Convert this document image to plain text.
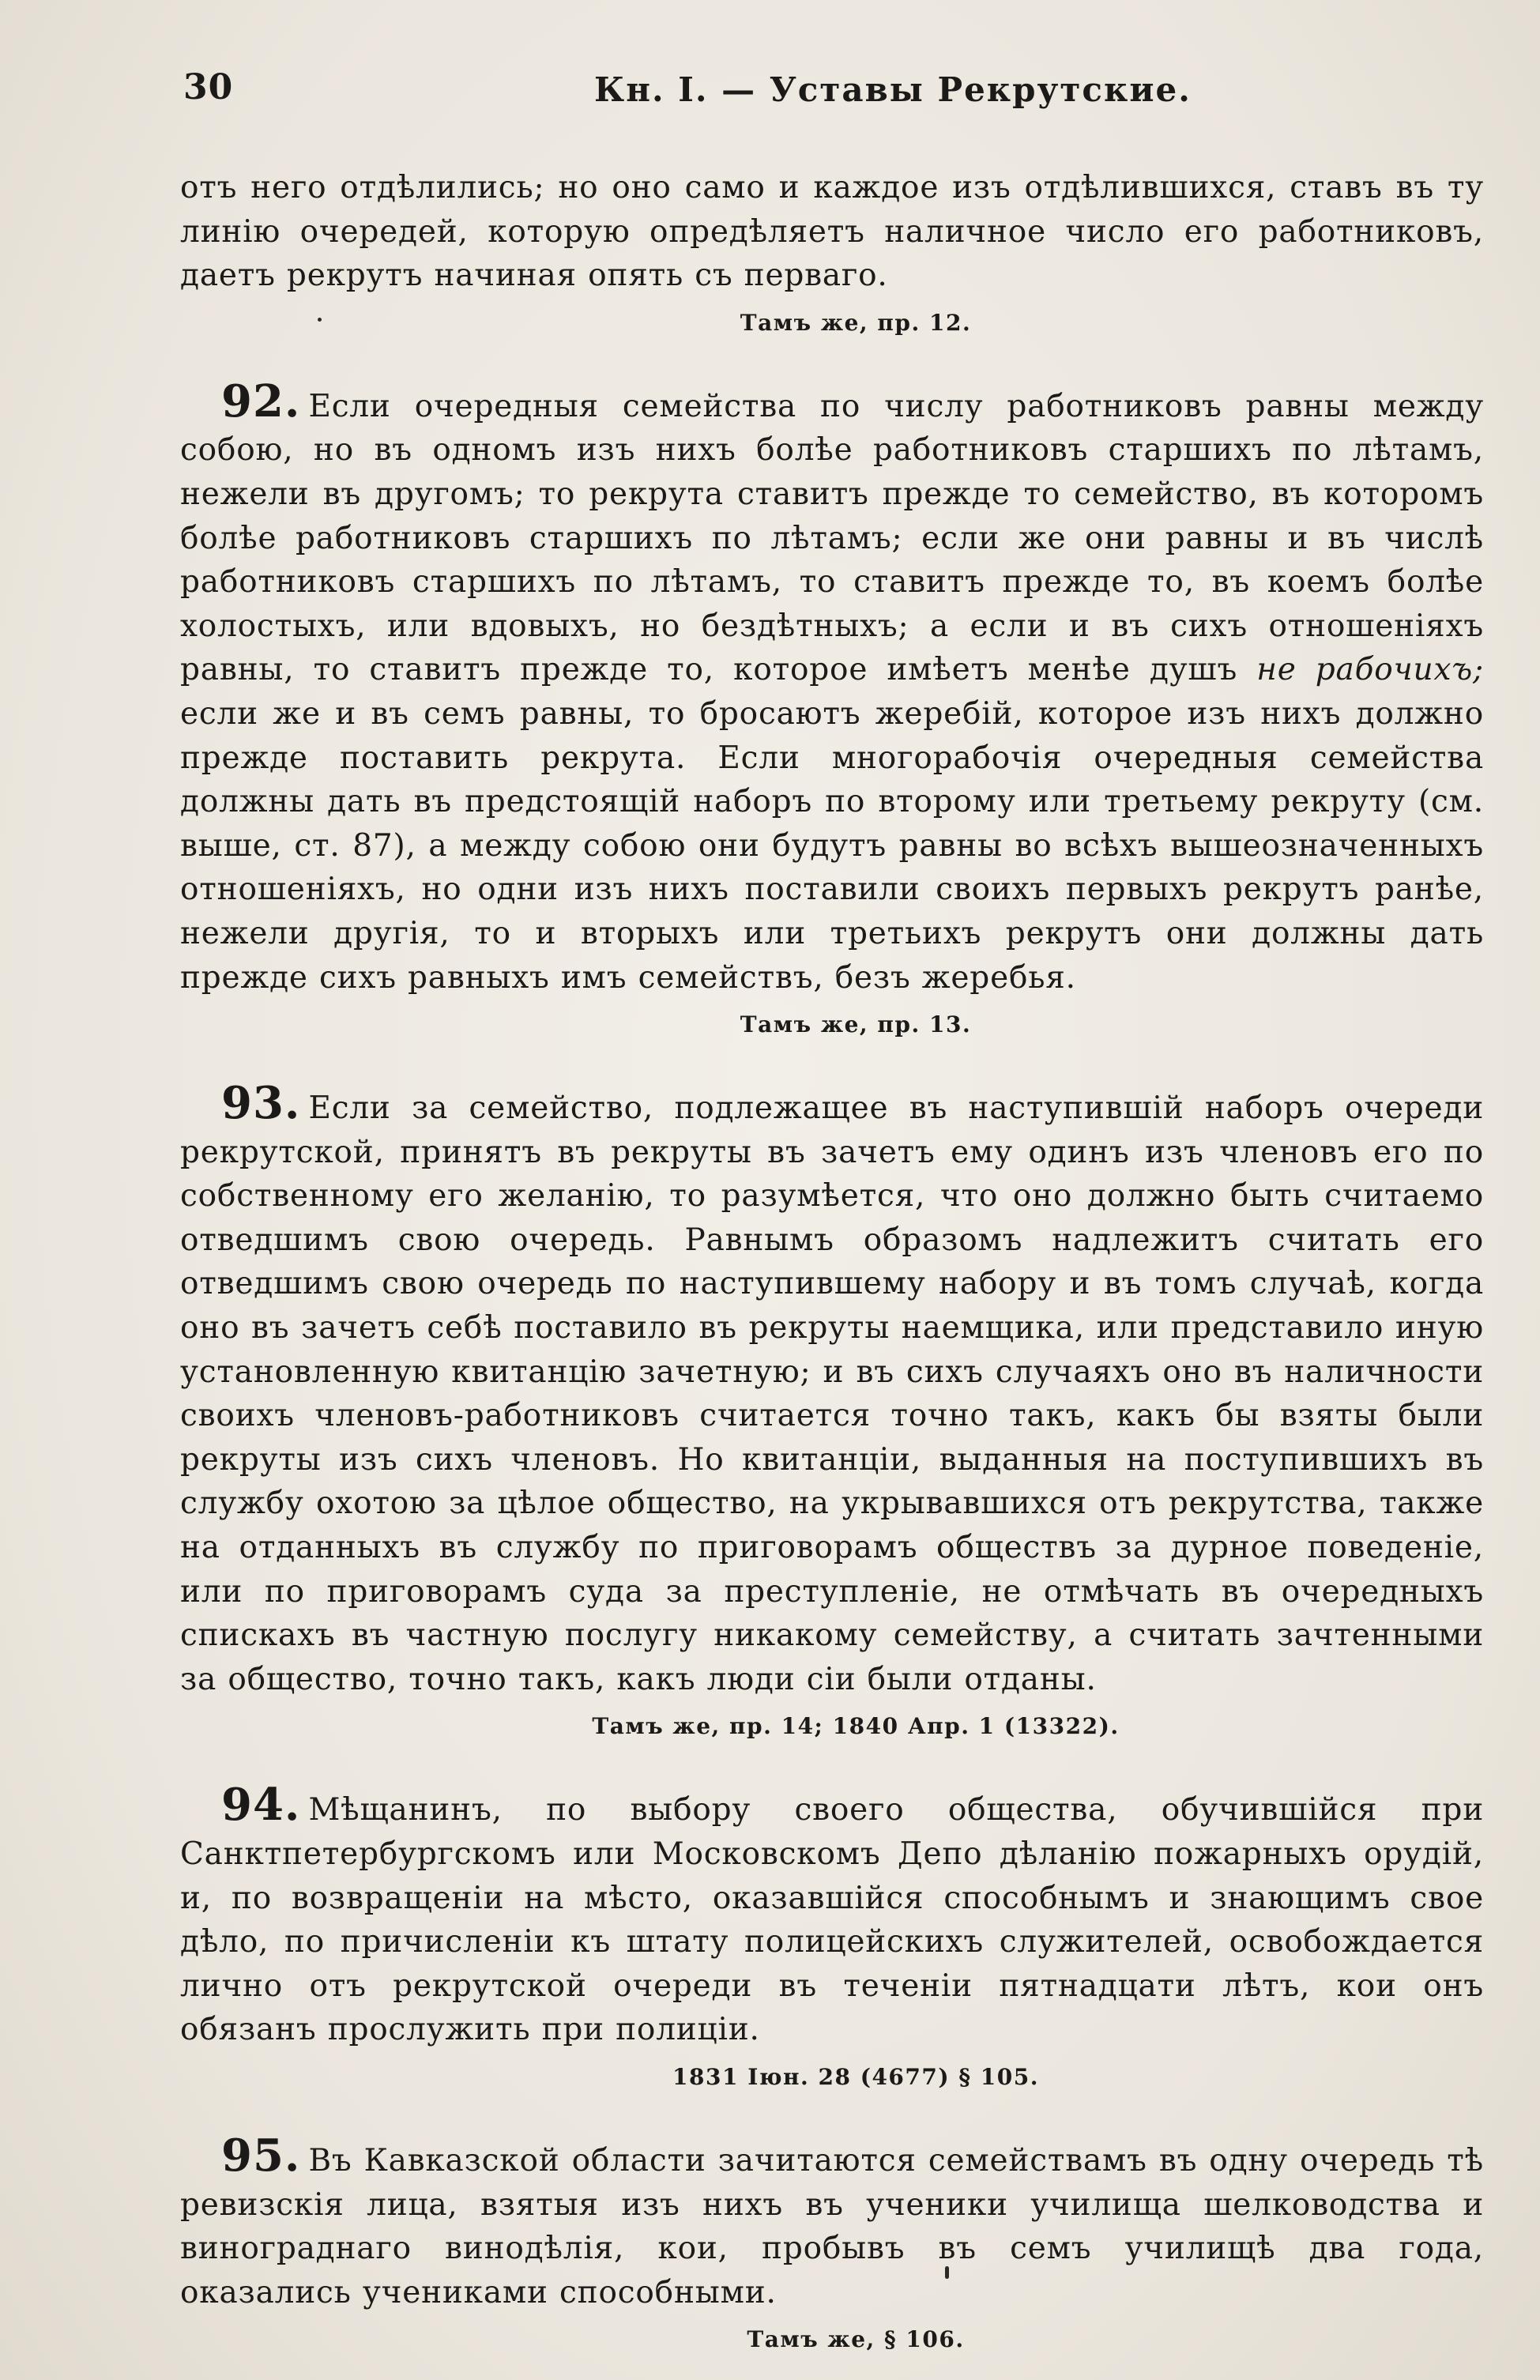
30	Кн. I. — Уставы Рекрутские.

отъ него отдѣлились; но оно само и каждое изъ отдѣлившихся, ставъ въ ту линію очередей, которую опредѣляетъ наличное число его работниковъ, даетъ рекрутъ начиная опять съ перваго.

Тамъ же, пр. 12.

92. Если очередныя семейства по числу работниковъ равны между собою, но въ одномъ изъ нихъ болѣе работниковъ старшихъ по лѣтамъ, нежели въ другомъ; то рекрута ставитъ прежде то семейство, въ которомъ болѣе работниковъ старшихъ по лѣтамъ; если же они равны и въ числѣ работниковъ старшихъ по лѣтамъ, то ставитъ прежде то, въ коемъ болѣе холостыхъ, или вдовыхъ, но бездѣтныхъ; а если и въ сихъ отношеніяхъ равны, то ставитъ прежде то, которое имѣетъ менѣе душъ не рабочихъ; если же и въ семъ равны, то бросаютъ жеребій, которое изъ нихъ должно прежде поставить рекрута. Если многорабочія очередныя семейства должны дать въ предстоящій наборъ по второму или третьему рекруту (см. выше, ст. 87), а между собою они будутъ равны во всѣхъ вышеозначенныхъ отношеніяхъ, но одни изъ нихъ поставили своихъ первыхъ рекрутъ ранѣе, нежели другія, то и вторыхъ или третьихъ рекрутъ они должны дать прежде сихъ равныхъ имъ семействъ, безъ жеребья.

Тамъ же, пр. 13.

93. Если за семейство, подлежащее въ наступившій наборъ очереди рекрутской, принятъ въ рекруты въ зачетъ ему одинъ изъ членовъ его по собственному его желанію, то разумѣется, что оно должно быть считаемо отведшимъ свою очередь. Равнымъ образомъ надлежитъ считать его отведшимъ свою очередь по наступившему набору и въ томъ случаѣ, когда оно въ зачетъ себѣ поставило въ рекруты наемщика, или представило иную установленную квитанцію зачетную; и въ сихъ случаяхъ оно въ наличности своихъ членовъ-работниковъ считается точно такъ, какъ бы взяты были рекруты изъ сихъ членовъ. Но квитанціи, выданныя на поступившихъ въ службу охотою за цѣлое общество, на укрывавшихся отъ рекрутства, также на отданныхъ въ службу по приговорамъ обществъ за дурное поведеніе, или по приговорамъ суда за преступленіе, не отмѣчать въ очередныхъ спискахъ въ частную послугу никакому семейству, а считать зачтенными за общество, точно такъ, какъ люди сіи были отданы.

Тамъ же, пр. 14; 1840 Апр. 1 (13322).

94. Мѣщанинъ, по выбору своего общества, обучившійся при Санктпетербургскомъ или Московскомъ Депо дѣланію пожарныхъ орудій, и, по возвращеніи на мѣсто, оказавшійся способнымъ и знающимъ свое дѣло, по причисленіи къ штату полицейскихъ служителей, освобождается лично отъ рекрутской очереди въ теченіи пятнадцати лѣтъ, кои онъ обязанъ прослужить при полиціи.

1831 Іюн. 28 (4677) § 105.

95. Въ Кавказской области зачитаются семействамъ въ одну очередь тѣ ревизскія лица, взятыя изъ нихъ въ ученики училища шелководства и винограднаго винодѣлія, кои, пробывъ въ семъ училищѣ два года, оказались учениками способными.

Тамъ же, § 106.
